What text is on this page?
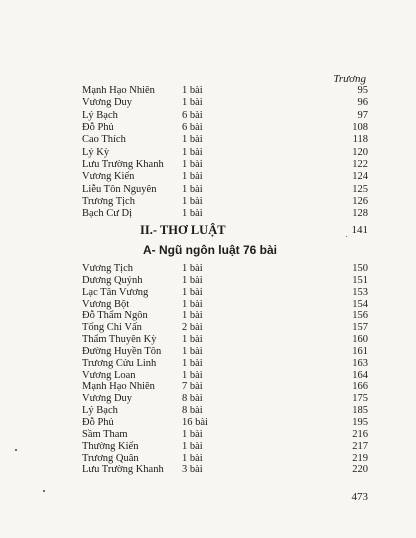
Trương
Mạnh Hạo Nhiên	1 bài	95
Vương Duy	1 bài	96
Lý Bạch	6 bài	97
Đỗ Phủ	6 bài	108
Cao Thích	1 bài	118
Lý Kỳ	1 bài	120
Lưu Trường Khanh 1 bài	122
Vương Kiến	1 bài	124
Liễu Tôn Nguyên 1 bài	125
Trương Tịch	1 bài	126
Bạch Cư Dị	1 bài	128
II.- THƠ LUẬT	141
A- Ngũ ngôn luật 76 bài
Vương Tịch	1 bài	150
Dương Quýnh	1 bài	151
Lạc Tân Vương	1 bài	153
Vương Bột	1 bài	154
Đỗ Thẩm Ngôn	1 bài	156
Tống Chi Vấn	2 bài	157
Thẩm Thuyên Kỳ 1 bài	160
Đường Huyền Tôn 1 bài	161
Trương Cửu Linh 1 bài	163
Vương Loan	1 bài	164
Mạnh Hạo Nhiên	7 bài	166
Vương Duy	8 bài	175
Lý Bạch	8 bài	185
Đỗ Phủ	16 bài	195
Sầm Tham	1 bài	216
Thường Kiến	1 bài	217
Trương Quân	1 bài	219
Lưu Trường Khanh 3 bài	220
473
